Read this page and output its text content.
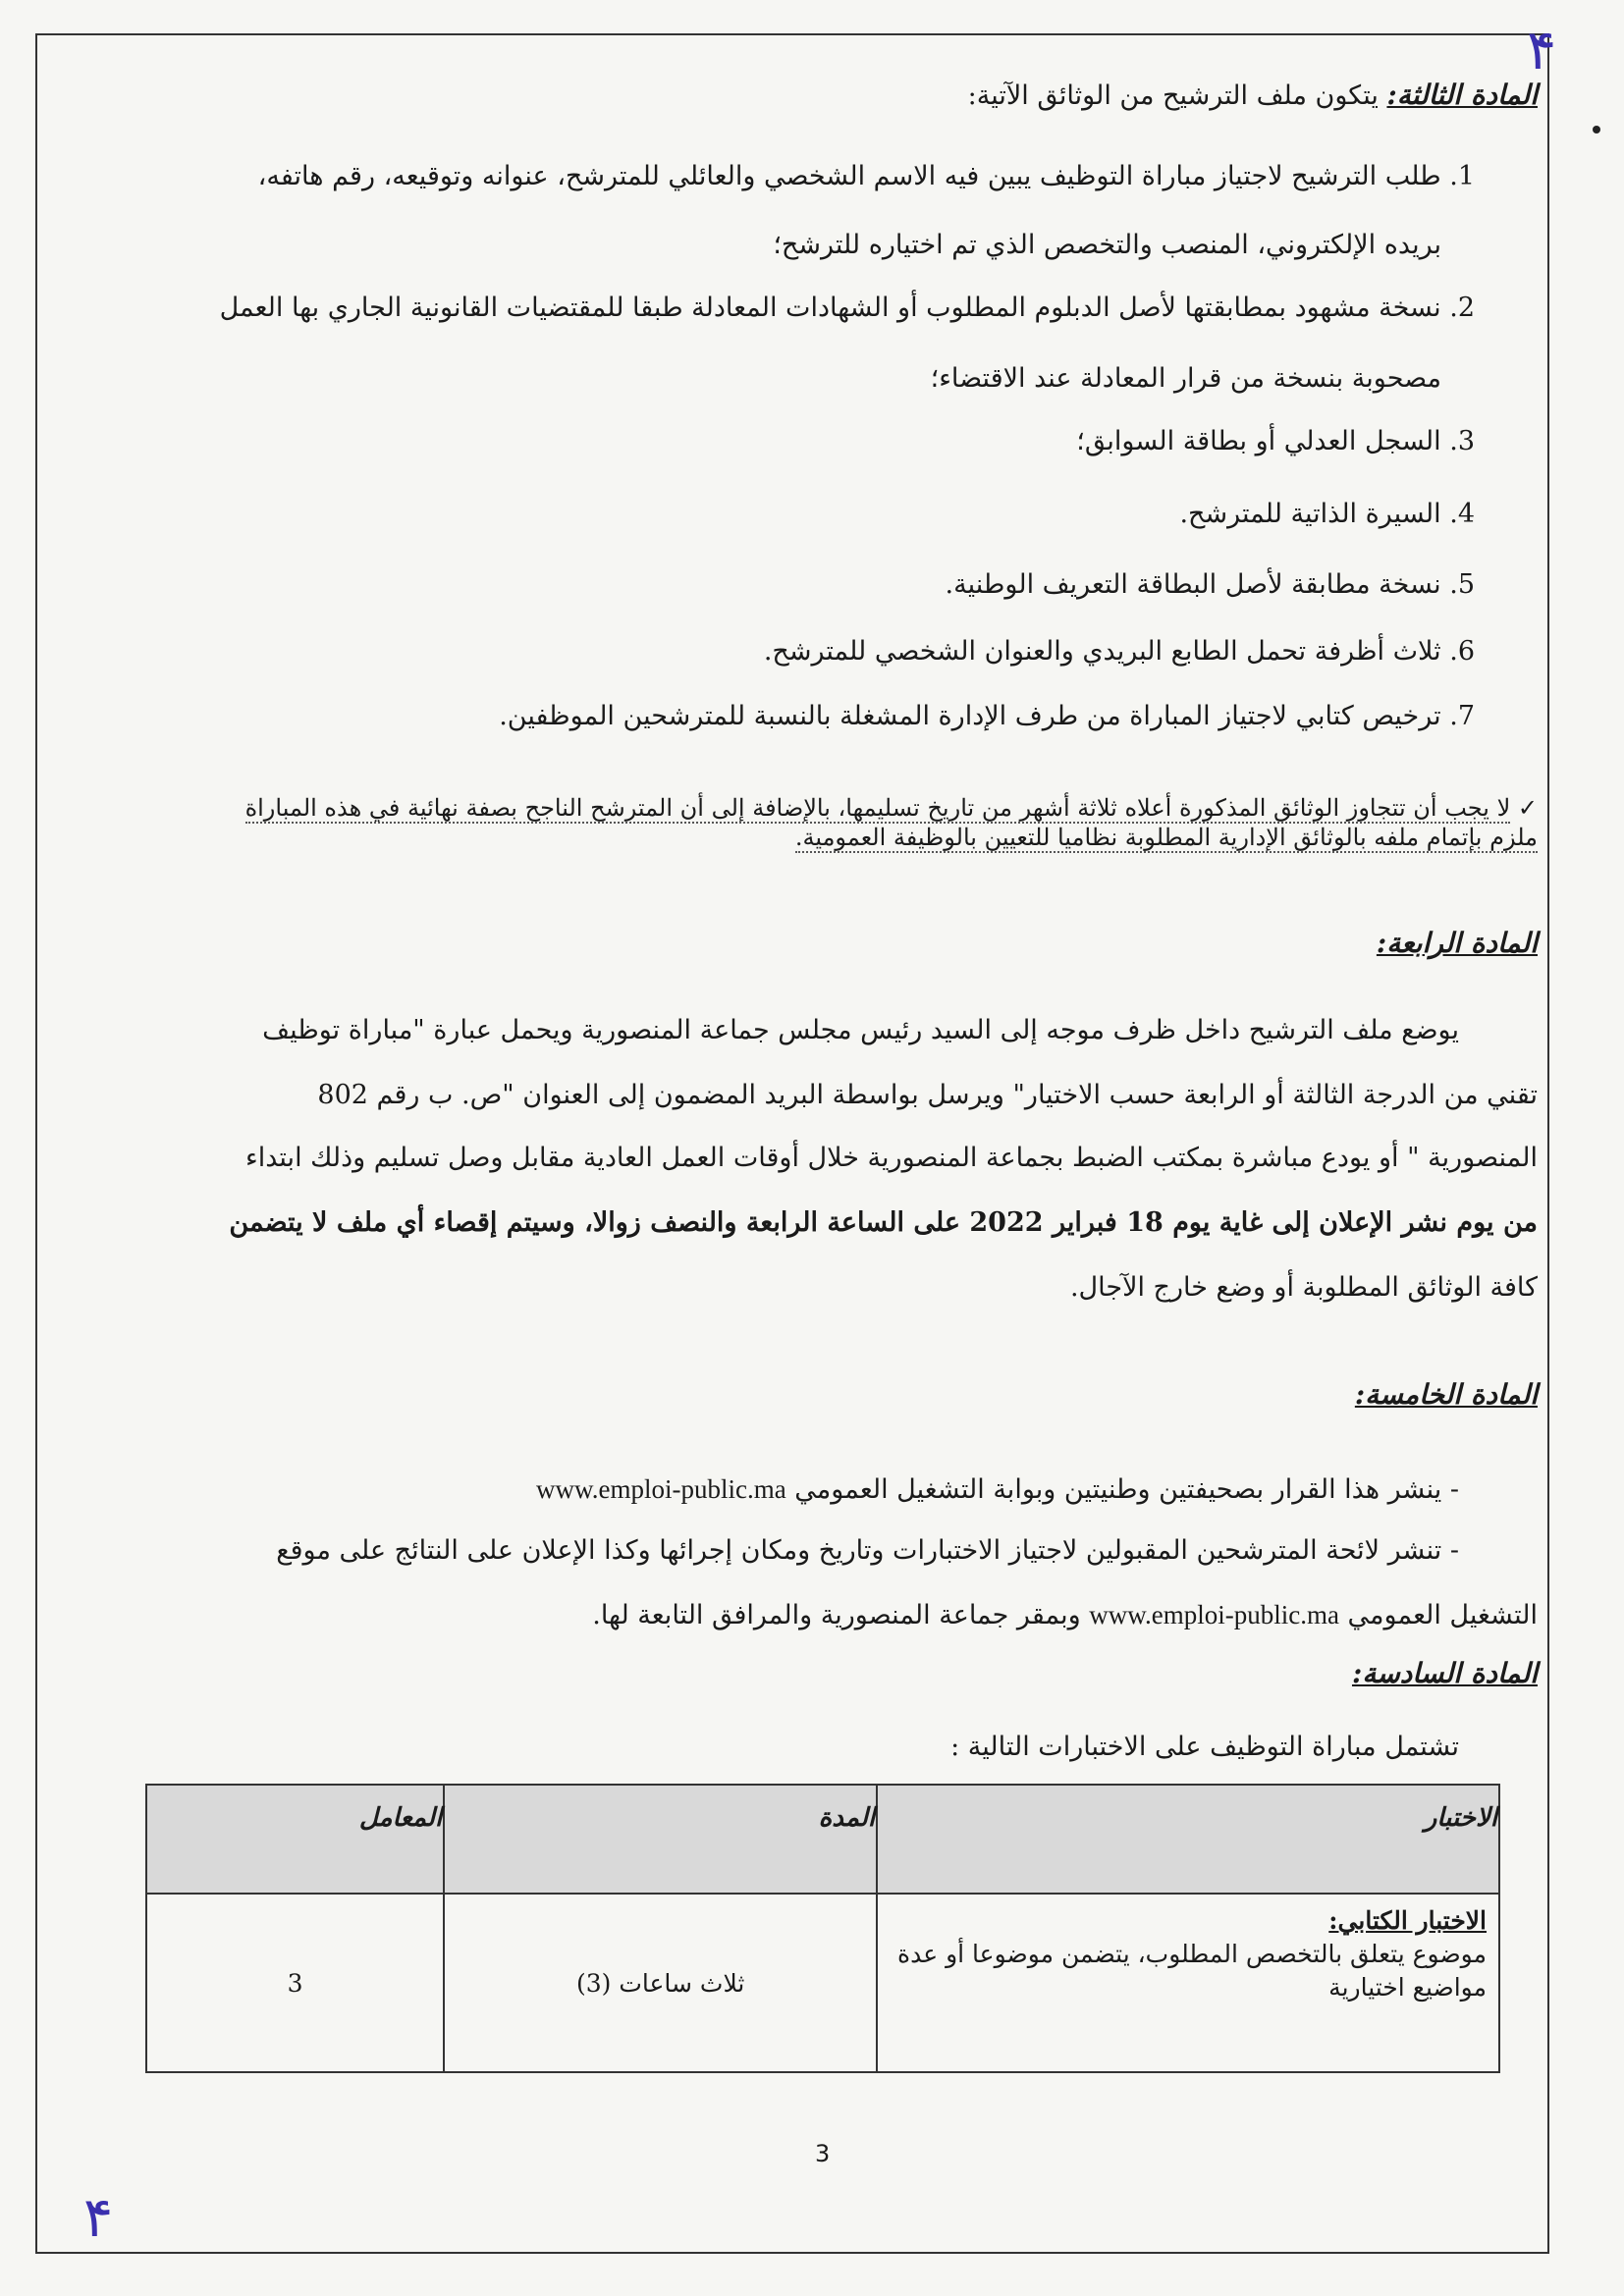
۴
۴
المادة الثالثة: يتكون ملف الترشيح من الوثائق الآتية:
1. طلب الترشيح لاجتياز مباراة التوظيف يبين فيه الاسم الشخصي والعائلي للمترشح، عنوانه وتوقيعه، رقم هاتفه،
بريده الإلكتروني، المنصب والتخصص الذي تم اختياره للترشح؛
2. نسخة مشهود بمطابقتها لأصل الدبلوم المطلوب أو الشهادات المعادلة طبقا للمقتضيات القانونية الجاري بها العمل
مصحوبة بنسخة من قرار المعادلة عند الاقتضاء؛
3. السجل العدلي أو بطاقة السوابق؛
4. السيرة الذاتية للمترشح.
5. نسخة مطابقة لأصل البطاقة التعريف الوطنية.
6. ثلاث أظرفة تحمل الطابع البريدي والعنوان الشخصي للمترشح.
7. ترخيص كتابي لاجتياز المباراة من طرف الإدارة المشغلة بالنسبة للمترشحين الموظفين.
✓ لا يجب أن تتجاوز الوثائق المذكورة أعلاه ثلاثة أشهر من تاريخ تسليمها، بالإضافة إلى أن المترشح الناجح بصفة نهائية في هذه المباراة
ملزم بإتمام ملفه بالوثائق الإدارية المطلوبة نظاميا للتعيين بالوظيفة العمومية.
المادة الرابعة:
يوضع ملف الترشيح داخل ظرف موجه إلى السيد رئيس مجلس جماعة المنصورية ويحمل عبارة "مباراة توظيف
تقني من الدرجة الثالثة أو الرابعة حسب الاختيار" ويرسل بواسطة البريد المضمون إلى العنوان "ص. ب رقم 802
المنصورية " أو يودع مباشرة بمكتب الضبط بجماعة المنصورية خلال أوقات العمل العادية مقابل وصل تسليم وذلك ابتداء
من يوم نشر الإعلان إلى غاية يوم 18 فبراير 2022 على الساعة الرابعة والنصف زوالا، وسيتم إقصاء أي ملف لا يتضمن
كافة الوثائق المطلوبة أو وضع خارج الآجال.
المادة الخامسة:
- ينشر هذا القرار بصحيفتين وطنيتين وبوابة التشغيل العمومي www.emploi-public.ma
- تنشر لائحة المترشحين المقبولين لاجتياز الاختبارات وتاريخ ومكان إجرائها وكذا الإعلان على النتائج على موقع
التشغيل العمومي www.emploi-public.ma وبمقر جماعة المنصورية والمرافق التابعة لها.
المادة السادسة:
تشتمل مباراة التوظيف على الاختبارات التالية :
الاختبار	المدة	المعامل

الاختبار الكتابي:
موضوع يتعلق بالتخصص المطلوب، يتضمن موضوعا أو عدة مواضيع اختيارية	ثلاث ساعات (3)	3
3
